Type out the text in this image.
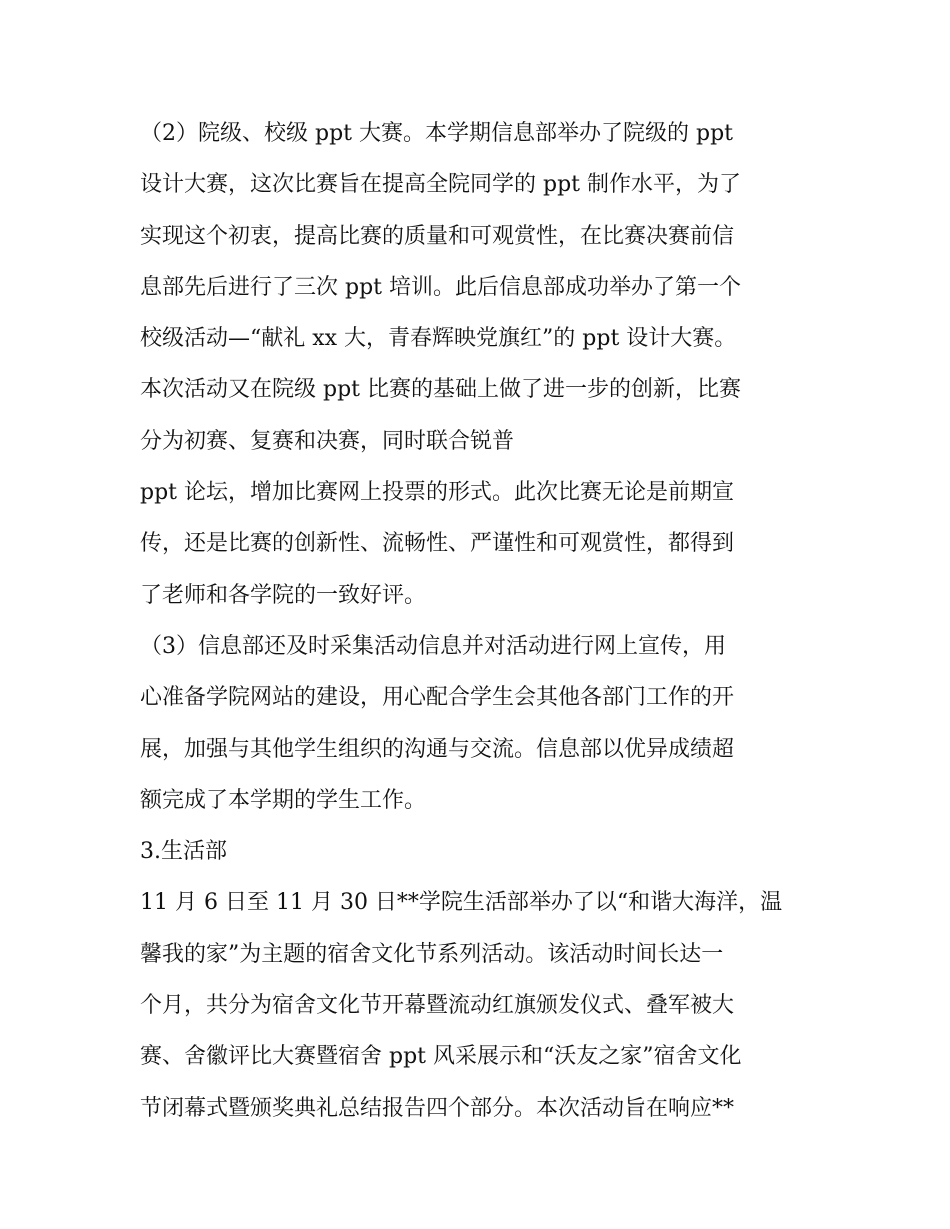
（2）院级、校级 ppt 大赛。本学期信息部举办了院级的 ppt
设计大赛，这次比赛旨在提高全院同学的 ppt 制作水平，为了
实现这个初衷，提高比赛的质量和可观赏性，在比赛决赛前信
息部先后进行了三次 ppt 培训。此后信息部成功举办了第一个
校级活动—“献礼 xx 大，青春辉映党旗红”的 ppt 设计大赛。
本次活动又在院级 ppt 比赛的基础上做了进一步的创新，比赛
分为初赛、复赛和决赛，同时联合锐普
ppt 论坛，增加比赛网上投票的形式。此次比赛无论是前期宣
传，还是比赛的创新性、流畅性、严谨性和可观赏性，都得到
了老师和各学院的一致好评。
（3）信息部还及时采集活动信息并对活动进行网上宣传，用
心准备学院网站的建设，用心配合学生会其他各部门工作的开
展，加强与其他学生组织的沟通与交流。信息部以优异成绩超
额完成了本学期的学生工作。
3.生活部
11 月 6 日至 11 月 30 日**学院生活部举办了以“和谐大海洋，温
馨我的家”为主题的宿舍文化节系列活动。该活动时间长达一
个月，共分为宿舍文化节开幕暨流动红旗颁发仪式、叠军被大
赛、舍徽评比大赛暨宿舍 ppt 风采展示和“沃友之家”宿舍文化
节闭幕式暨颁奖典礼总结报告四个部分。本次活动旨在响应**
